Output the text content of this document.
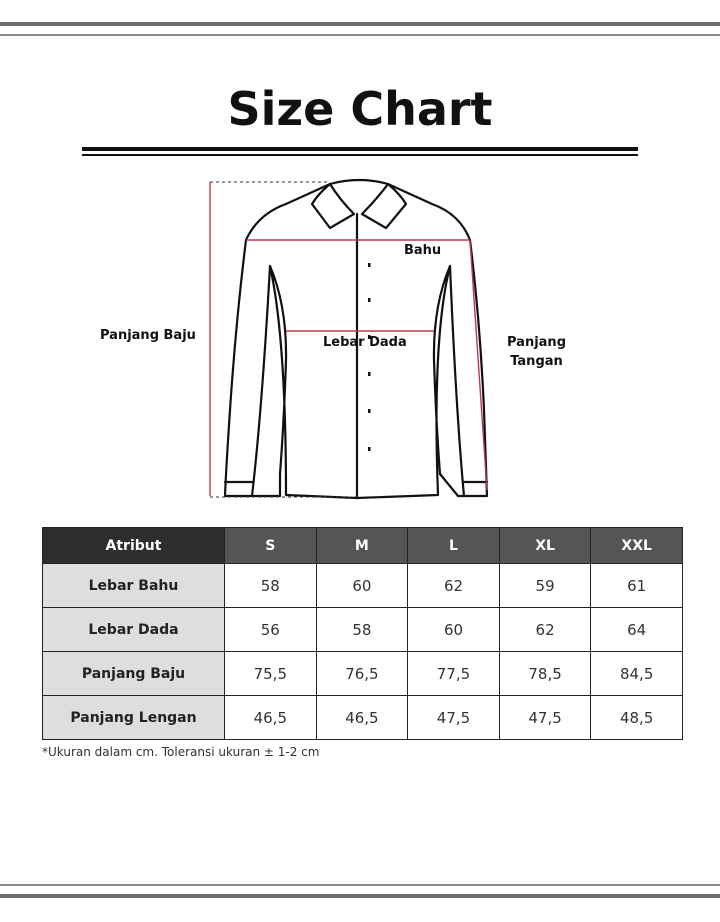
Size Chart
Panjang Baju
Bahu
Lebar Dada	Panjang
Tangan
Atribut	S	M	L	XL	XXL
Lebar Bahu	58	60	62	59	61
Lebar Dada	56	58	60	62	64
Panjang Baju	75,5	76,5	77,5	78,5	84,5
Panjang Lengan	46,5	46,5	47,5	47,5	48,5
*Ukuran dalam cm. Toleransi ukuran ± 1-2 cm
